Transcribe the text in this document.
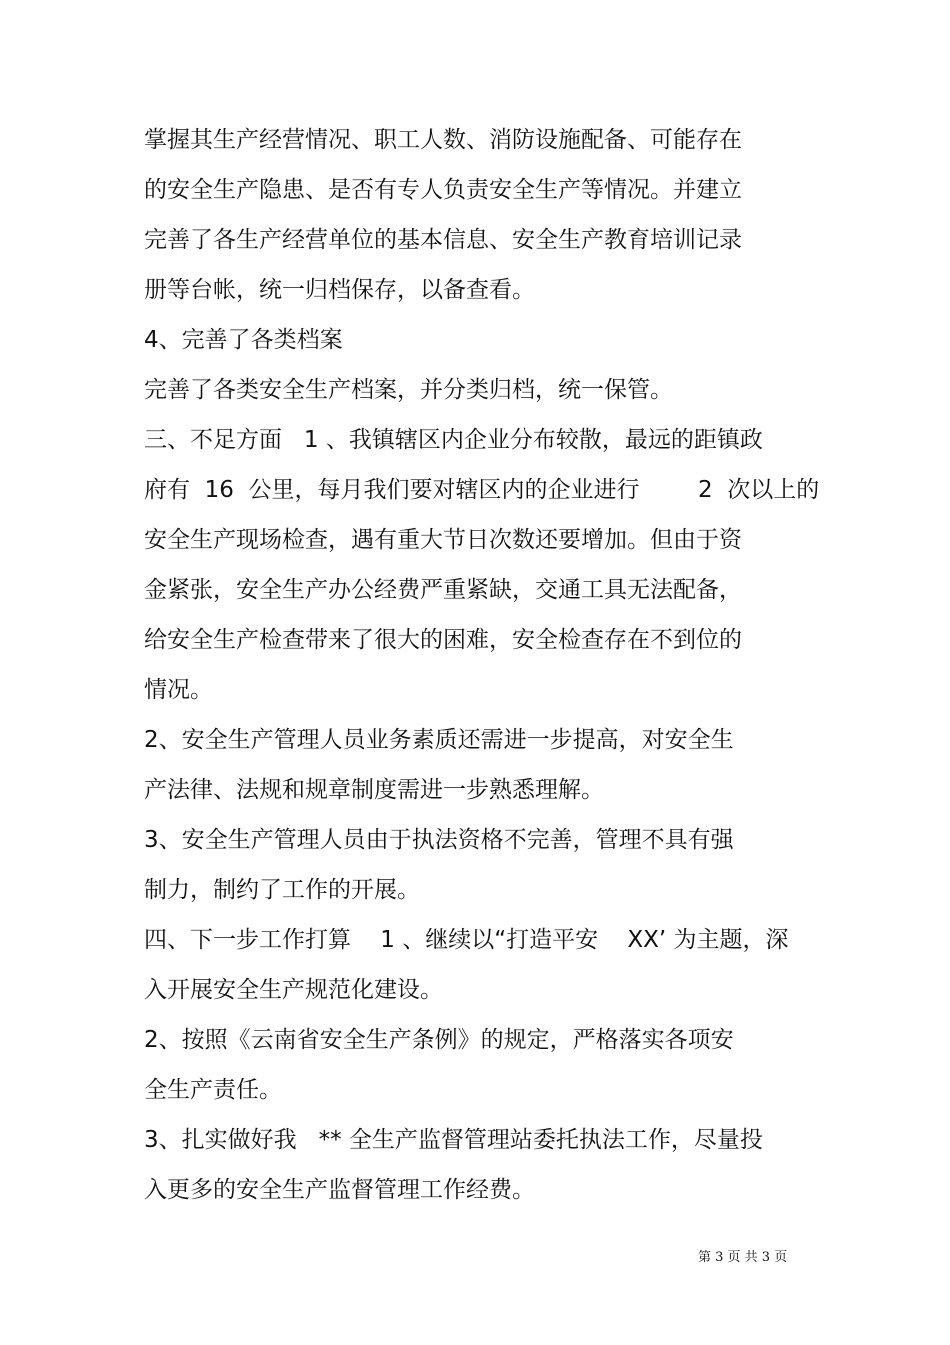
掌握其生产经营情况、职工人数、消防设施配备、可能存在

的安全生产隐患、是否有专人负责安全生产等情况。并建立

完善了各生产经营单位的基本信息、安全生产教育培训记录

册等台帐，统一归档保存，以备查看。

4、完善了各类档案

完善了各类安全生产档案，并分类归档，统一保管。

三、不足方面   1 、我镇辖区内企业分布较散，最远的距镇政

府有  16  公里，每月我们要对辖区内的企业进行        2  次以上的

安全生产现场检查，遇有重大节日次数还要增加。但由于资

金紧张，安全生产办公经费严重紧缺，交通工具无法配备，

给安全生产检查带来了很大的困难，安全检查存在不到位的

情况。

2、安全生产管理人员业务素质还需进一步提高，对安全生

产法律、法规和规章制度需进一步熟悉理解。

3、安全生产管理人员由于执法资格不完善，管理不具有强

制力，制约了工作的开展。

四、下一步工作打算    1 、继续以“打造平安    XX’ 为主题，深

入开展安全生产规范化建设。

2、按照《云南省安全生产条例》的规定，严格落实各项安

全生产责任。

3、扎实做好我   ** 全生产监督管理站委托执法工作，尽量投

入更多的安全生产监督管理工作经费。

第 3 页 共 3 页
